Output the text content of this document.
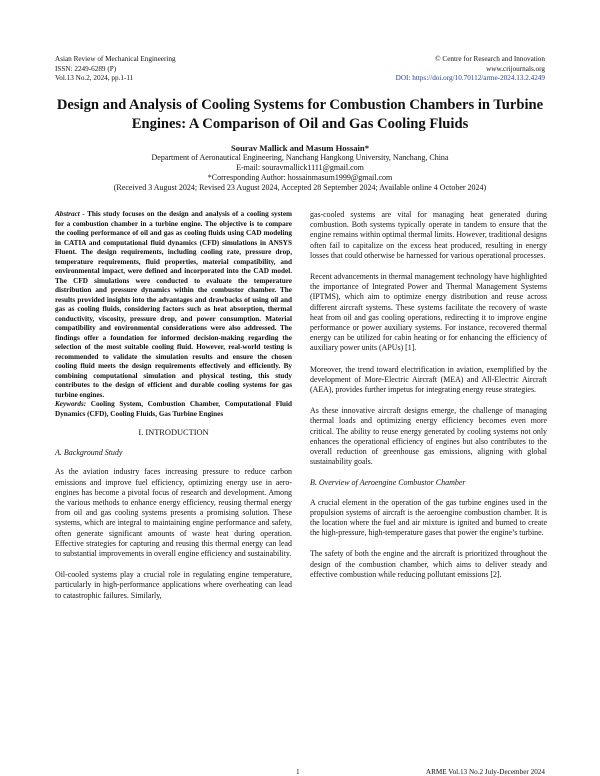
Asian Review of Mechanical Engineering
ISSN: 2249-6289 (P)
Vol.13 No.2, 2024, pp.1-11
© Centre for Research and Innovation
www.crijournals.org
DOI: https://doi.org/10.70112/arme-2024.13.2.4249
Design and Analysis of Cooling Systems for Combustion Chambers in Turbine Engines: A Comparison of Oil and Gas Cooling Fluids
Sourav Mallick and Masum Hossain*
Department of Aeronautical Engineering, Nanchang Hangkong University, Nanchang, China
E-mail: souravmallick1111@gmail.com
*Corresponding Author: hossainmasum1999@gmail.com
(Received 3 August 2024; Revised 23 August 2024, Accepted 28 September 2024; Available online 4 October 2024)

Abstract - This study focuses on the design and analysis of a cooling system for a combustion chamber in a turbine engine. The objective is to compare the cooling performance of oil and gas as cooling fluids using CAD modeling in CATIA and computational fluid dynamics (CFD) simulations in ANSYS Fluent. The design requirements, including cooling rate, pressure drop, temperature requirements, fluid properties, material compatibility, and environmental impact, were defined and incorporated into the CAD model. The CFD simulations were conducted to evaluate the temperature distribution and pressure dynamics within the combustor chamber. The results provided insights into the advantages and drawbacks of using oil and gas as cooling fluids, considering factors such as heat absorption, thermal conductivity, viscosity, pressure drop, and power consumption. Material compatibility and environmental considerations were also addressed. The findings offer a foundation for informed decision-making regarding the selection of the most suitable cooling fluid. However, real-world testing is recommended to validate the simulation results and ensure the chosen cooling fluid meets the design requirements effectively and efficiently. By combining computational simulation and physical testing, this study contributes to the design of efficient and durable cooling systems for gas turbine engines.

Keywords: Cooling System, Combustion Chamber, Computational Fluid Dynamics (CFD), Cooling Fluids, Gas Turbine Engines

I. INTRODUCTION
A. Background Study

As the aviation industry faces increasing pressure to reduce carbon emissions and improve fuel efficiency, optimizing energy use in aero-engines has become a pivotal focus of research and development. Among the various methods to enhance energy efficiency, reusing thermal energy from oil and gas cooling systems presents a promising solution. These systems, which are integral to maintaining engine performance and safety, often generate significant amounts of waste heat during operation. Effective strategies for capturing and reusing this thermal energy can lead to substantial improvements in overall engine efficiency and sustainability.

Oil-cooled systems play a crucial role in regulating engine temperature, particularly in high-performance applications where overheating can lead to catastrophic failures. Similarly,

gas-cooled systems are vital for managing heat generated during combustion. Both systems typically operate in tandem to ensure that the engine remains within optimal thermal limits. However, traditional designs often fail to capitalize on the excess heat produced, resulting in energy losses that could otherwise be harnessed for various operational processes.

Recent advancements in thermal management technology have highlighted the importance of Integrated Power and Thermal Management Systems (IPTMS), which aim to optimize energy distribution and reuse across different aircraft systems. These systems facilitate the recovery of waste heat from oil and gas cooling operations, redirecting it to improve engine performance or power auxiliary systems. For instance, recovered thermal energy can be utilized for cabin heating or for enhancing the efficiency of auxiliary power units (APUs) [1].

Moreover, the trend toward electrification in aviation, exemplified by the development of More-Electric Aircraft (MEA) and All-Electric Aircraft (AEA), provides further impetus for integrating energy reuse strategies.

As these innovative aircraft designs emerge, the challenge of managing thermal loads and optimizing energy efficiency becomes even more critical. The ability to reuse energy generated by cooling systems not only enhances the operational efficiency of engines but also contributes to the overall reduction of greenhouse gas emissions, aligning with global sustainability goals.

B. Overview of Aeroengine Combustor Chamber

A crucial element in the operation of the gas turbine engines used in the propulsion systems of aircraft is the aeroengine combustion chamber. It is the location where the fuel and air mixture is ignited and burned to create the high-pressure, high-temperature gases that power the engine’s turbine.

The safety of both the engine and the aircraft is prioritized throughout the design of the combustion chamber, which aims to deliver steady and effective combustion while reducing pollutant emissions [2].

1	ARME Vol.13 No.2 July-December 2024
